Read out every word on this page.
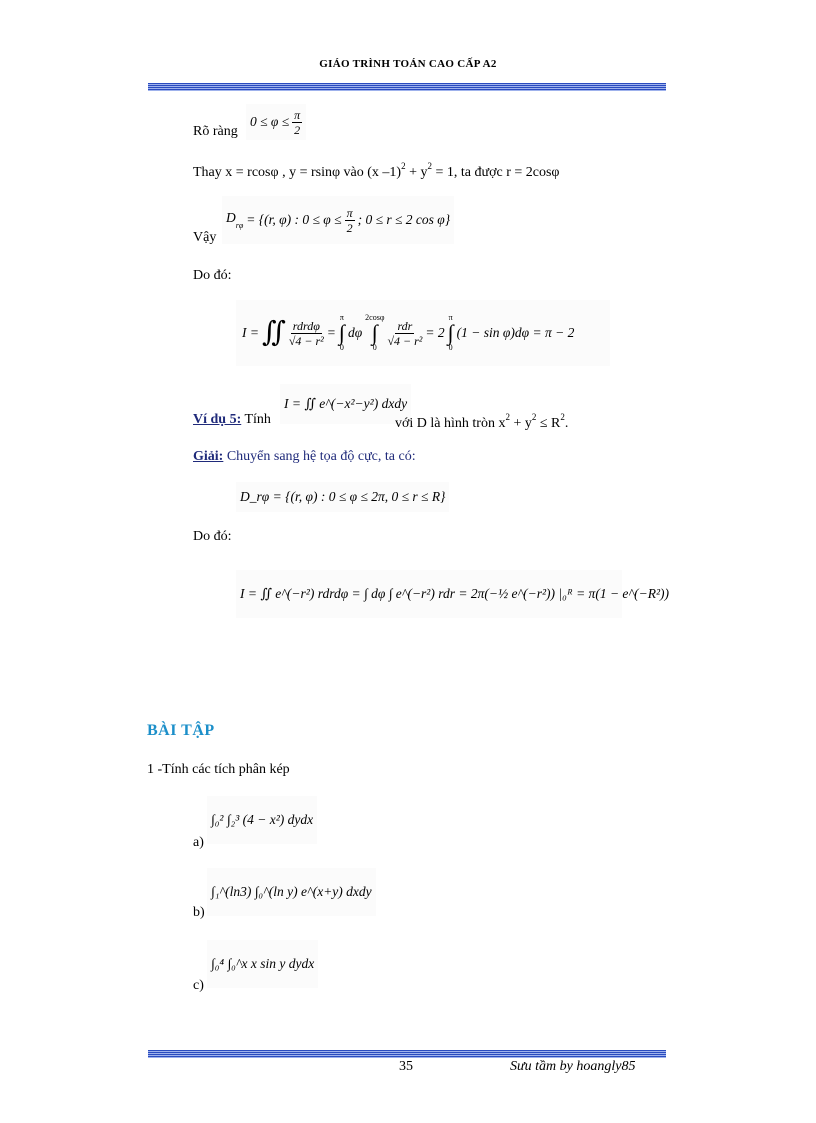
GIÁO TRÌNH TOÁN CAO CẤP A2
Rõ ràng
$0 \le \varphi \le \frac{\pi}{2}$
Thay x = rcosφ , y = rsinφ vào (x $-1)^2 + y^2 = 1$, ta được r = 2cosφ
Vậy
$D_{r\varphi} = \{(r$, φ) : $0 \le \varphi \le \frac{\pi}{2}$ ; 0 ≤ r ≤ 2 cos φ}
Do đó:
I = ∬ $\frac{\text{rdrdφ}}{\text{√4 − r²}}$ =
π
∫
0
dφ
2cosφ
∫
0
$\frac{\text{rdr}}{\text{√4 − r²}} = 2$
π
∫
0
(1 − sin φ)dφ = π − 2
Ví dụ 5: Tính
I = ∬ e^(−x²−y²) dxdy
với D là hình tròn $x^2 + y^2 \le R^2$.
Giải: Chuyển sang hệ tọa độ cực, ta có:
D_rφ = {(r, φ) : 0 ≤ φ ≤ 2π, 0 ≤ r ≤ R}
Do đó:
I = ∬ e^(−r²) rdrdφ = ∫ dφ ∫ e^(−r²) rdr = 2π(−½ e^(−r²)) |₀ᴿ = π(1 − e^(−R²))
BÀI TẬP
1 -Tính các tích phân kép
a)
∫₀² ∫₂³ (4 − x²) dydx
b)
∫₁^(ln3) ∫₀^(ln y) e^(x+y) dxdy
c)
∫₀⁴ ∫₀^x x sin y dydx
35	Sưu tầm by hoangly85
